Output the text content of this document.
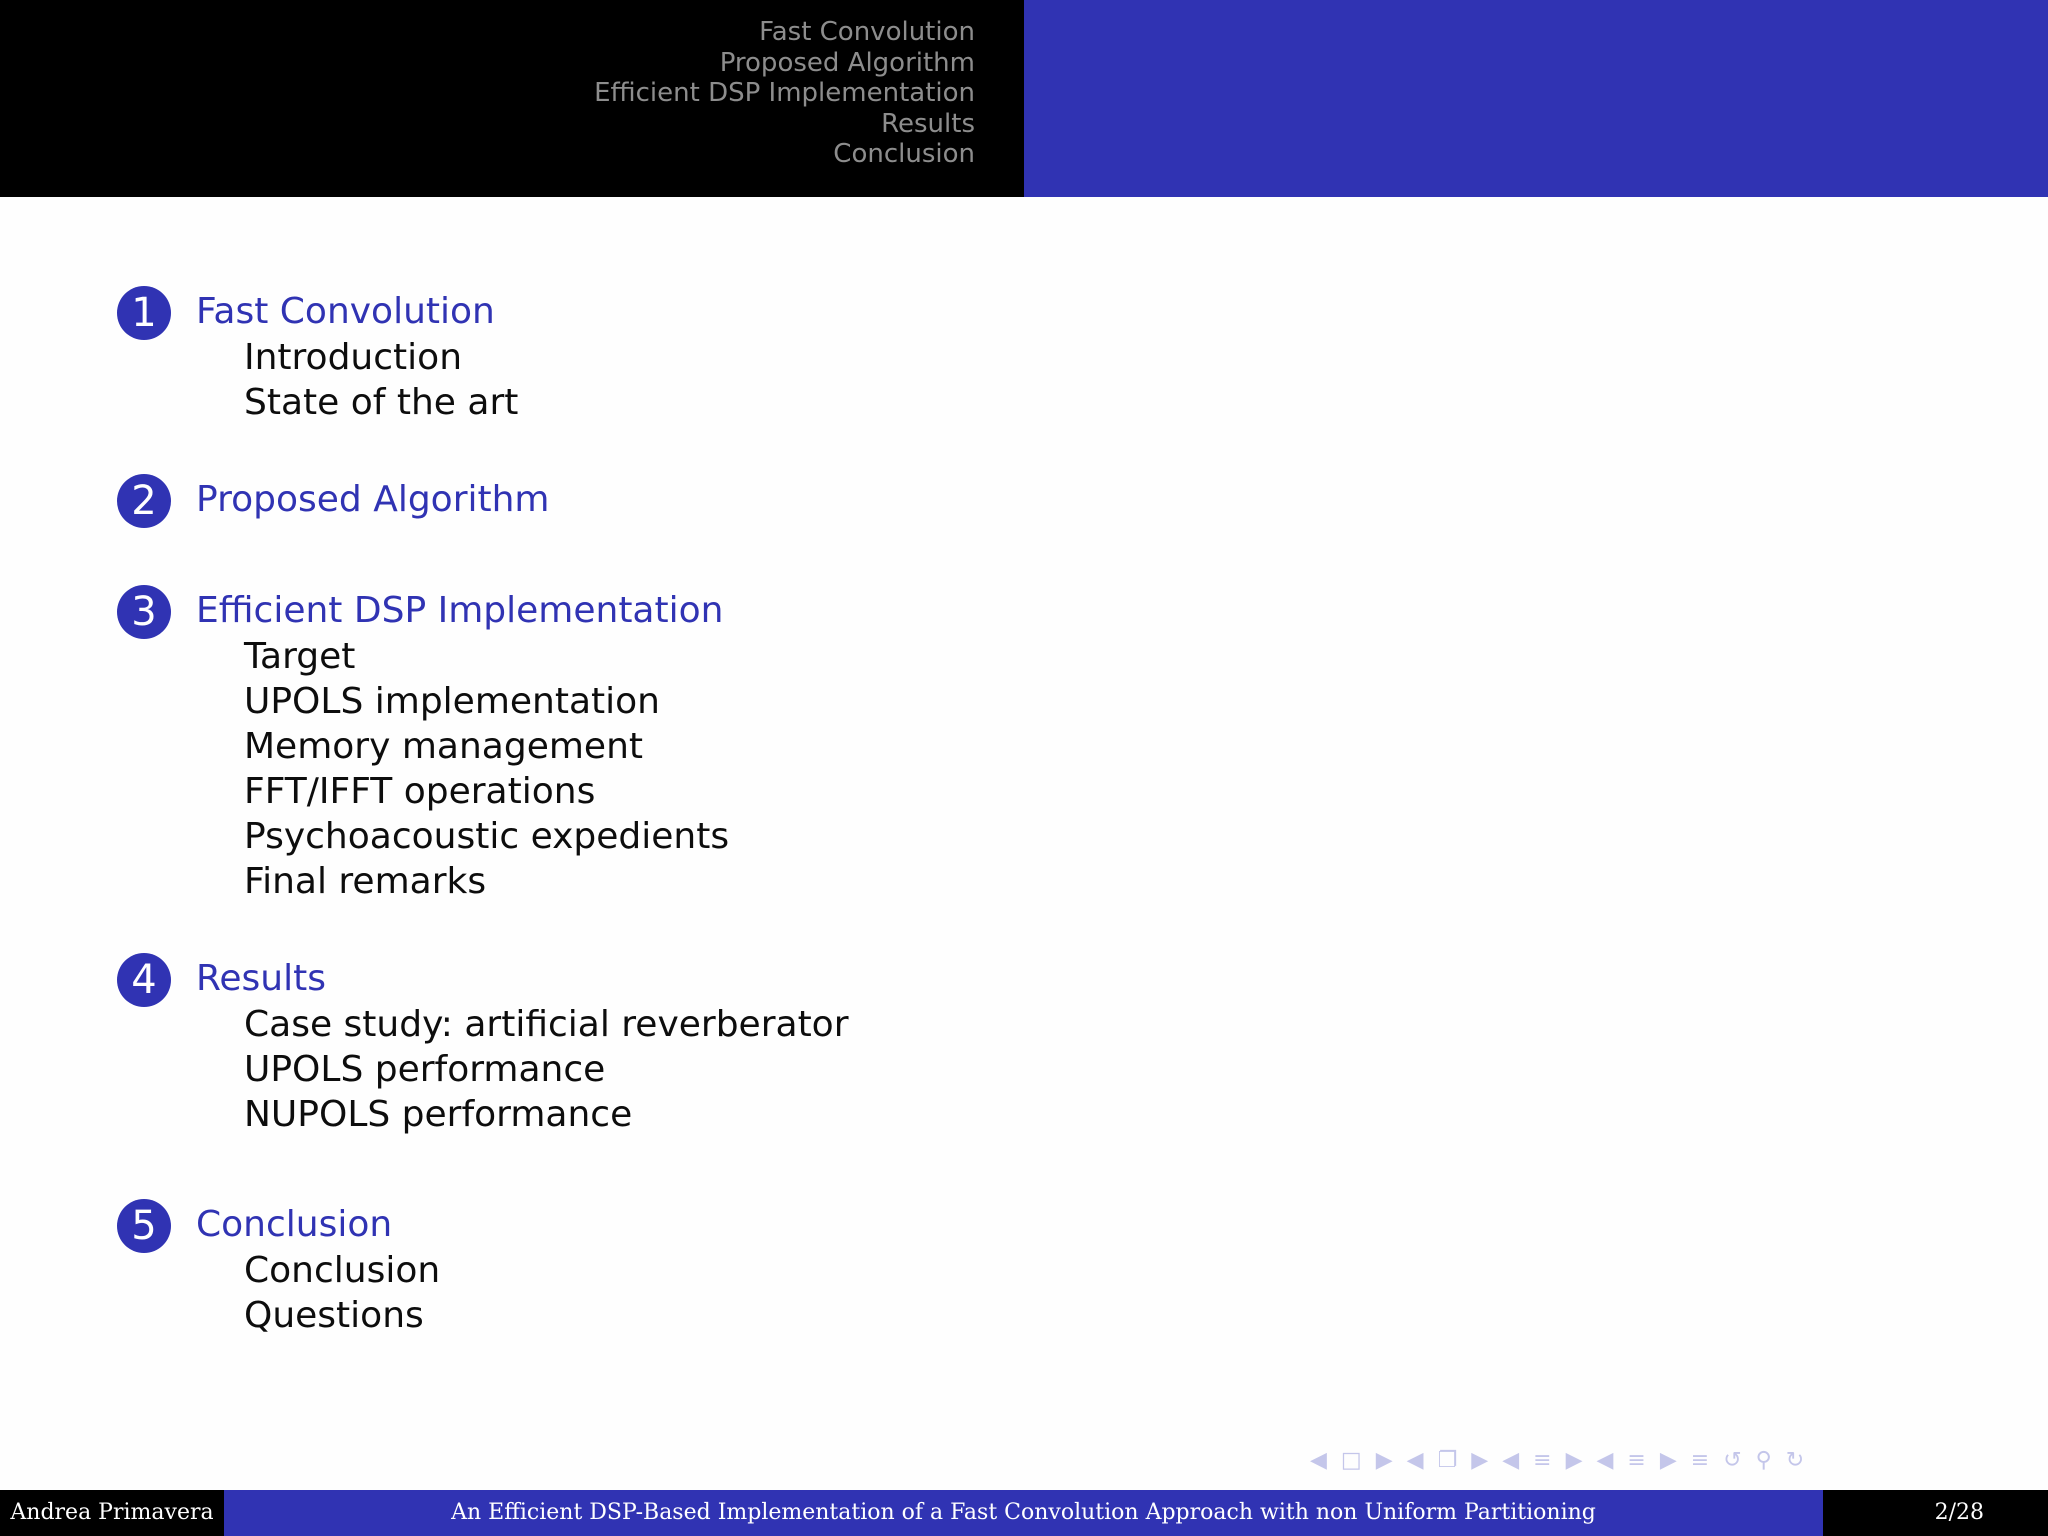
Fast Convolution
Proposed Algorithm
Efficient DSP Implementation
Results
Conclusion
1	Fast Convolution
Introduction
State of the art
2	Proposed Algorithm
3	Efficient DSP Implementation
Target
UPOLS implementation
Memory management
FFT/IFFT operations
Psychoacoustic expedients
Final remarks
4	Results
Case study: artificial reverberator
UPOLS performance
NUPOLS performance
5	Conclusion
Conclusion
Questions
◀ □ ▶ ◀ ❐ ▶ ◀ ≡ ▶ ◀ ≡ ▶ ≡ ↺ ⚲ ↻
Andrea Primavera	An Efficient DSP-Based Implementation of a Fast Convolution Approach with non Uniform Partitioning	2/28
